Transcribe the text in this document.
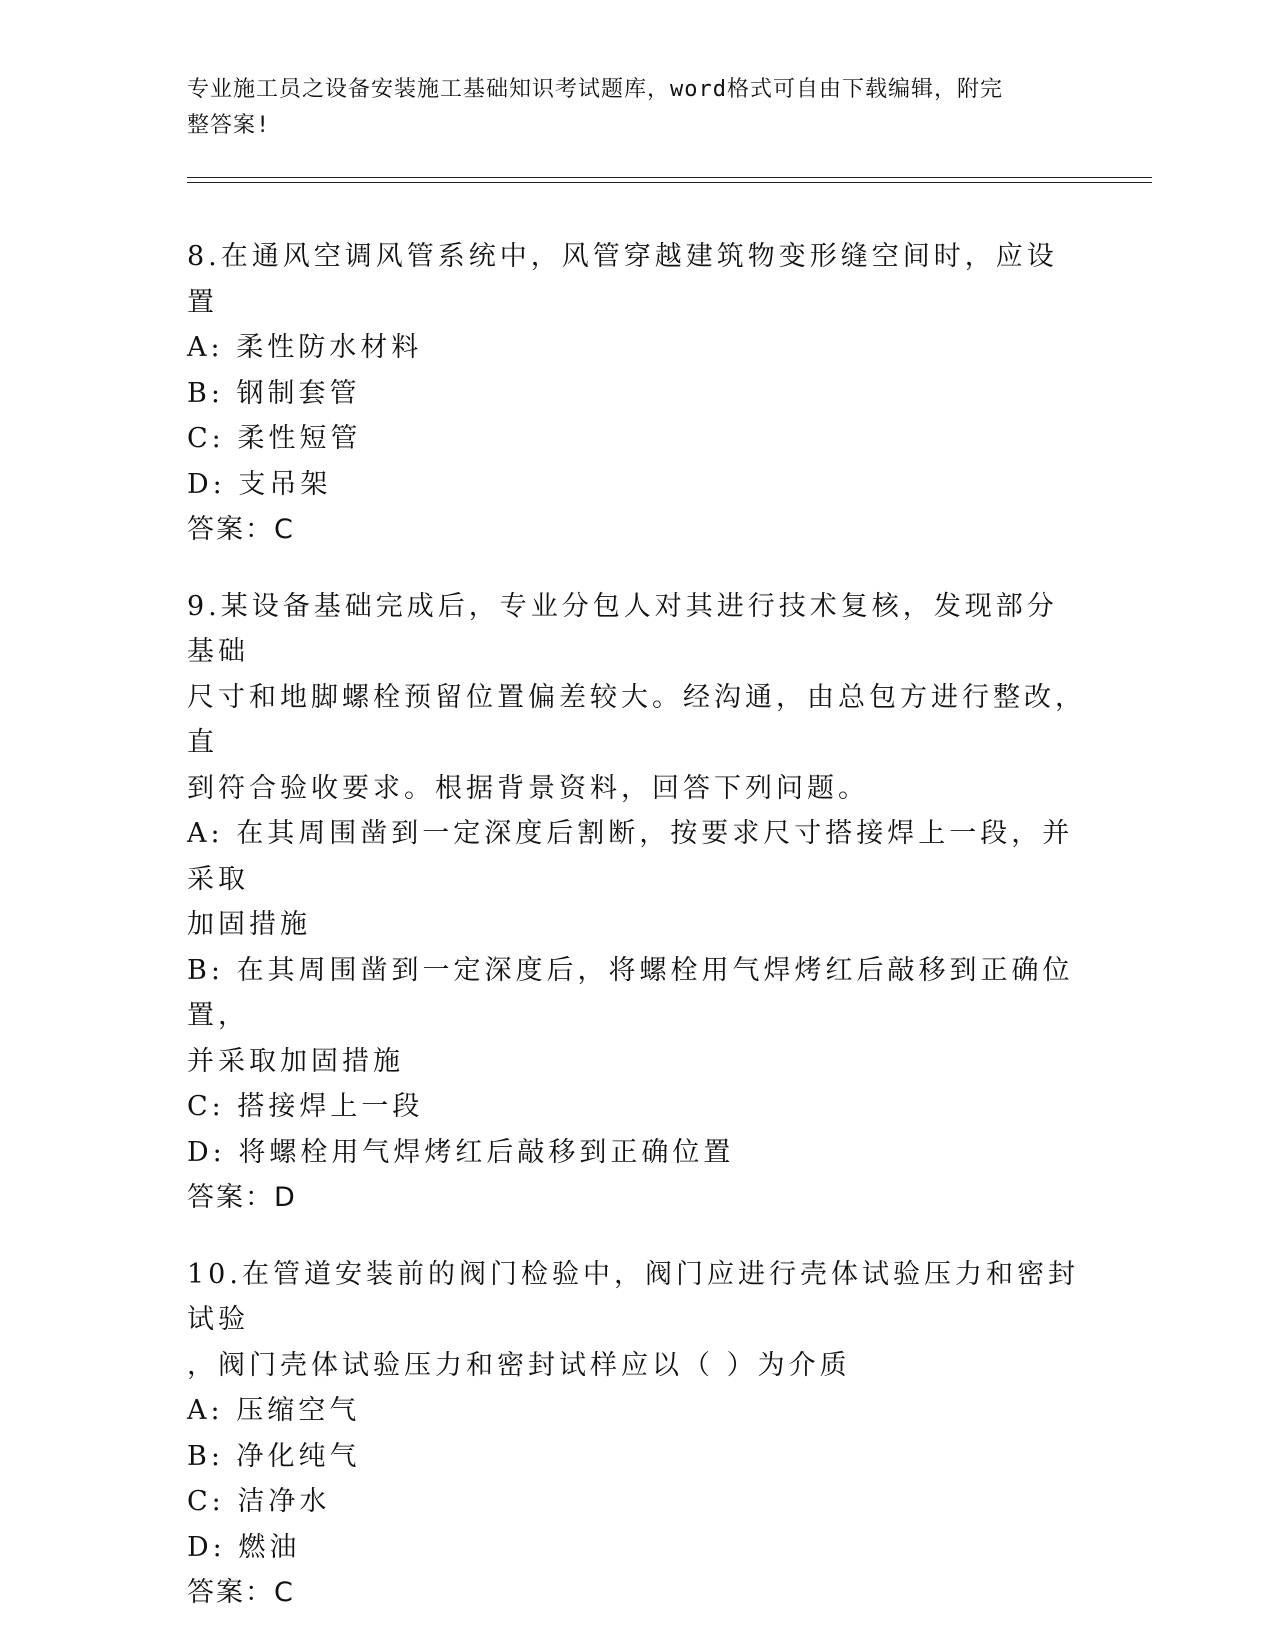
专业施工员之设备安装施工基础知识考试题库，word格式可自由下载编辑，附完
整答案!
8.在通风空调风管系统中，风管穿越建筑物变形缝空间时，应设置
A: 柔性防水材料
B: 钢制套管
C: 柔性短管
D: 支吊架
答案：C
9.某设备基础完成后，专业分包人对其进行技术复核，发现部分基础
尺寸和地脚螺栓预留位置偏差较大。经沟通，由总包方进行整改，直
到符合验收要求。根据背景资料，回答下列问题。
A: 在其周围凿到一定深度后割断，按要求尺寸搭接焊上一段，并采取
加固措施
B: 在其周围凿到一定深度后，将螺栓用气焊烤红后敲移到正确位置，
并采取加固措施
C: 搭接焊上一段
D: 将螺栓用气焊烤红后敲移到正确位置
答案：D
10.在管道安装前的阀门检验中，阀门应进行壳体试验压力和密封试验
，阀门壳体试验压力和密封试样应以（ ）为介质
A: 压缩空气
B: 净化纯气
C: 洁净水
D: 燃油
答案：C
